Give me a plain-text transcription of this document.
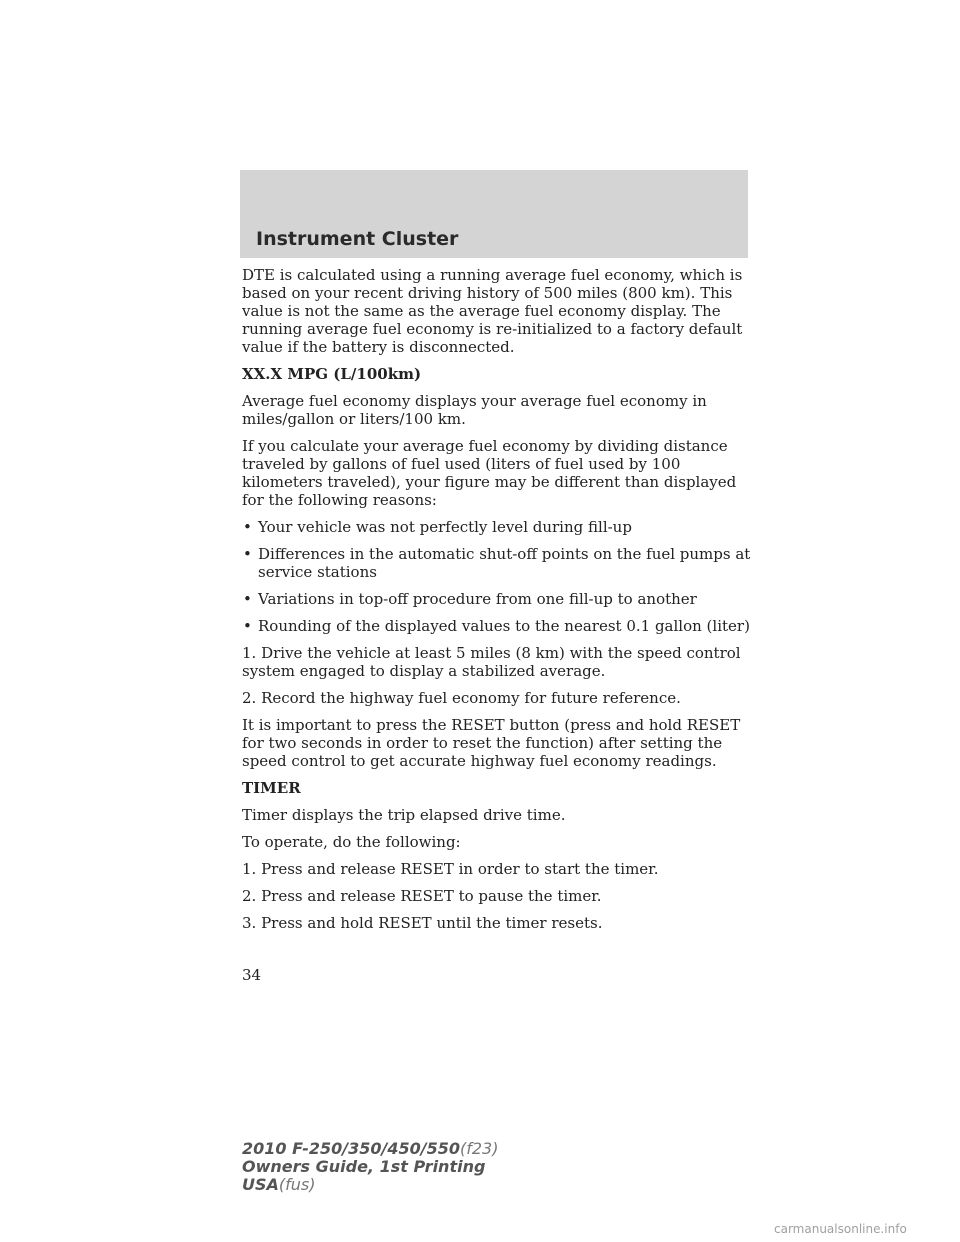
Instrument Cluster

DTE is calculated using a running average fuel economy, which is based on your recent driving history of 500 miles (800 km). This value is not the same as the average fuel economy display. The running average fuel economy is re-initialized to a factory default value if the battery is disconnected.

XX.X MPG (L/100km)

Average fuel economy displays your average fuel economy in miles/gallon or liters/100 km.

If you calculate your average fuel economy by dividing distance traveled by gallons of fuel used (liters of fuel used by 100 kilometers traveled), your figure may be different than displayed for the following reasons:

• Your vehicle was not perfectly level during fill-up
• Differences in the automatic shut-off points on the fuel pumps at service stations
• Variations in top-off procedure from one fill-up to another
• Rounding of the displayed values to the nearest 0.1 gallon (liter)

1. Drive the vehicle at least 5 miles (8 km) with the speed control system engaged to display a stabilized average.

2. Record the highway fuel economy for future reference.

It is important to press the RESET button (press and hold RESET for two seconds in order to reset the function) after setting the speed control to get accurate highway fuel economy readings.

TIMER

Timer displays the trip elapsed drive time.

To operate, do the following:

1. Press and release RESET in order to start the timer.

2. Press and release RESET to pause the timer.

3. Press and hold RESET until the timer resets.

34
2010 F-250/350/450/550(f23)
Owners Guide, 1st Printing
USA(fus)
carmanualsonline.info
